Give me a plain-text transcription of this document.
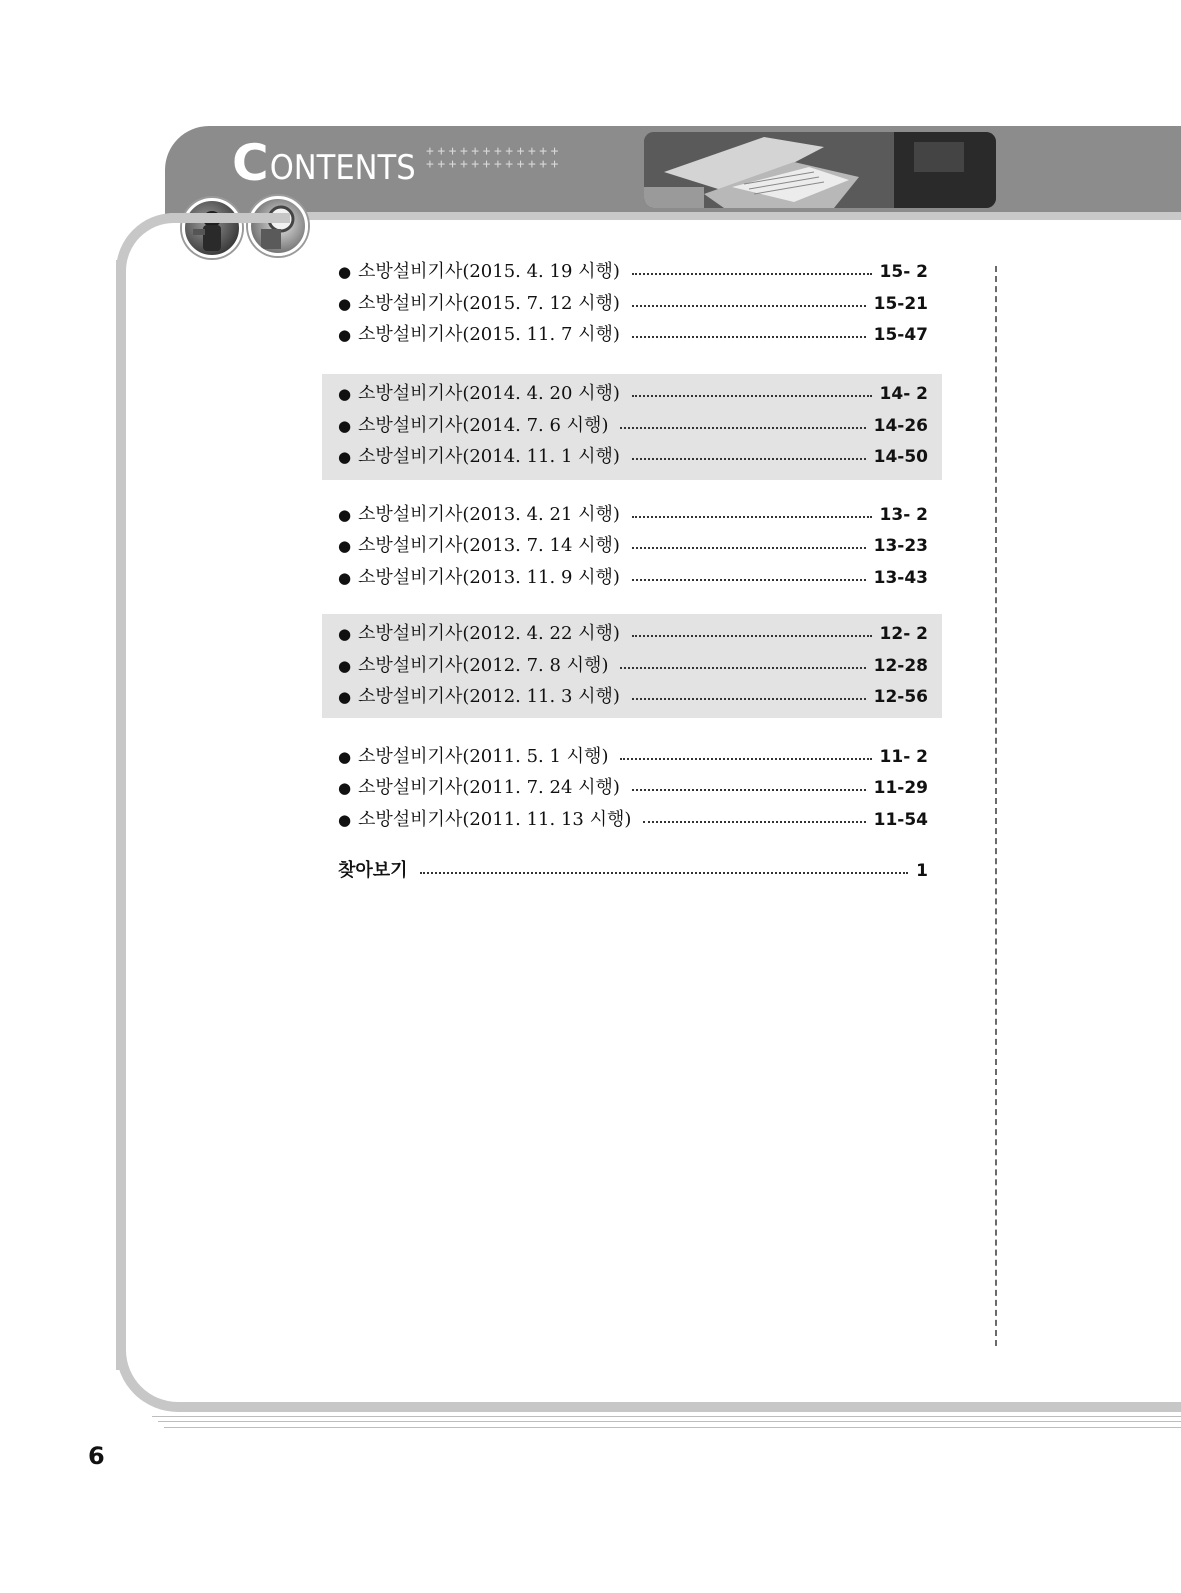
C ONTENTS ++++++++++++
++++++++++++
● 소방설비기사(2015. 4. 19 시행)	15- 2
● 소방설비기사(2015. 7. 12 시행)	15-21
● 소방설비기사(2015. 11. 7 시행)	15-47
● 소방설비기사(2014. 4. 20 시행)	14- 2
● 소방설비기사(2014. 7. 6 시행)	14-26
● 소방설비기사(2014. 11. 1 시행)	14-50
● 소방설비기사(2013. 4. 21 시행)	13- 2
● 소방설비기사(2013. 7. 14 시행)	13-23
● 소방설비기사(2013. 11. 9 시행)	13-43
● 소방설비기사(2012. 4. 22 시행)	12- 2
● 소방설비기사(2012. 7. 8 시행)	12-28
● 소방설비기사(2012. 11. 3 시행)	12-56
● 소방설비기사(2011. 5. 1 시행)	11- 2
● 소방설비기사(2011. 7. 24 시행)	11-29
● 소방설비기사(2011. 11. 13 시행)	11-54
찾아보기	1
6
